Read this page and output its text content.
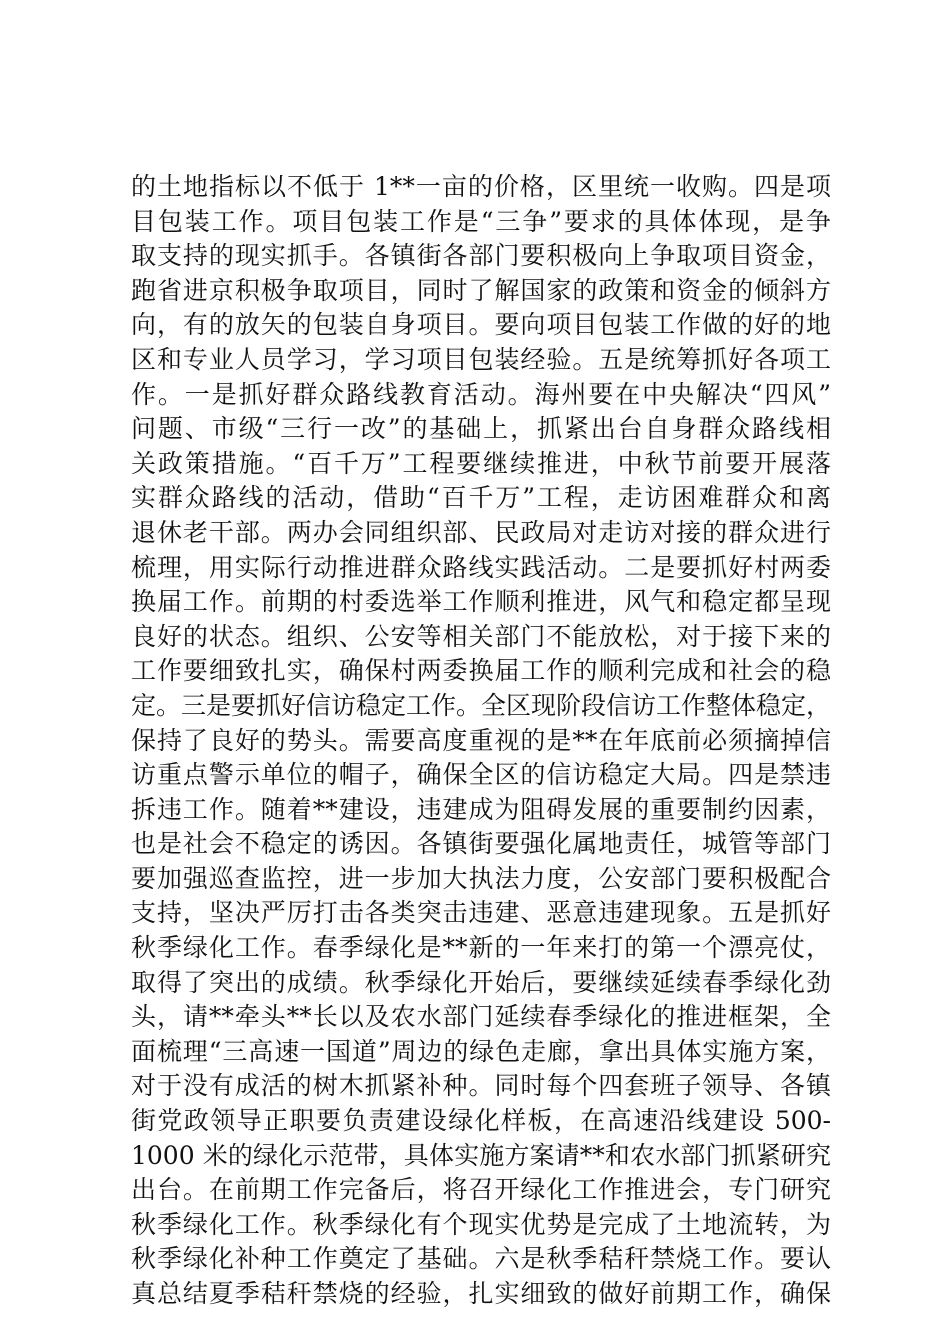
的土地指标以不低于 1**一亩的价格，区里统一收购。四是项
目包装工作。项目包装工作是“三争”要求的具体体现，是争
取支持的现实抓手。各镇街各部门要积极向上争取项目资金，
跑省进京积极争取项目，同时了解国家的政策和资金的倾斜方
向，有的放矢的包装自身项目。要向项目包装工作做的好的地
区和专业人员学习，学习项目包装经验。五是统筹抓好各项工
作。一是抓好群众路线教育活动。海州要在中央解决“四风”
问题、市级“三行一改”的基础上，抓紧出台自身群众路线相
关政策措施。“百千万”工程要继续推进，中秋节前要开展落
实群众路线的活动，借助“百千万”工程，走访困难群众和离
退休老干部。两办会同组织部、民政局对走访对接的群众进行
梳理，用实际行动推进群众路线实践活动。二是要抓好村两委
换届工作。前期的村委选举工作顺利推进，风气和稳定都呈现
良好的状态。组织、公安等相关部门不能放松，对于接下来的
工作要细致扎实，确保村两委换届工作的顺利完成和社会的稳
定。三是要抓好信访稳定工作。全区现阶段信访工作整体稳定，
保持了良好的势头。需要高度重视的是**在年底前必须摘掉信
访重点警示单位的帽子，确保全区的信访稳定大局。四是禁违
拆违工作。随着**建设，违建成为阻碍发展的重要制约因素，
也是社会不稳定的诱因。各镇街要强化属地责任，城管等部门
要加强巡查监控，进一步加大执法力度，公安部门要积极配合
支持，坚决严厉打击各类突击违建、恶意违建现象。五是抓好
秋季绿化工作。春季绿化是**新的一年来打的第一个漂亮仗，
取得了突出的成绩。秋季绿化开始后，要继续延续春季绿化劲
头，请**牵头**长以及农水部门延续春季绿化的推进框架，全
面梳理“三高速一国道”周边的绿色走廊，拿出具体实施方案，
对于没有成活的树木抓紧补种。同时每个四套班子领导、各镇
街党政领导正职要负责建设绿化样板，在高速沿线建设 500-
1000 米的绿化示范带，具体实施方案请**和农水部门抓紧研究
出台。在前期工作完备后，将召开绿化工作推进会，专门研究
秋季绿化工作。秋季绿化有个现实优势是完成了土地流转，为
秋季绿化补种工作奠定了基础。六是秋季秸秆禁烧工作。要认
真总结夏季秸秆禁烧的经验，扎实细致的做好前期工作，确保
